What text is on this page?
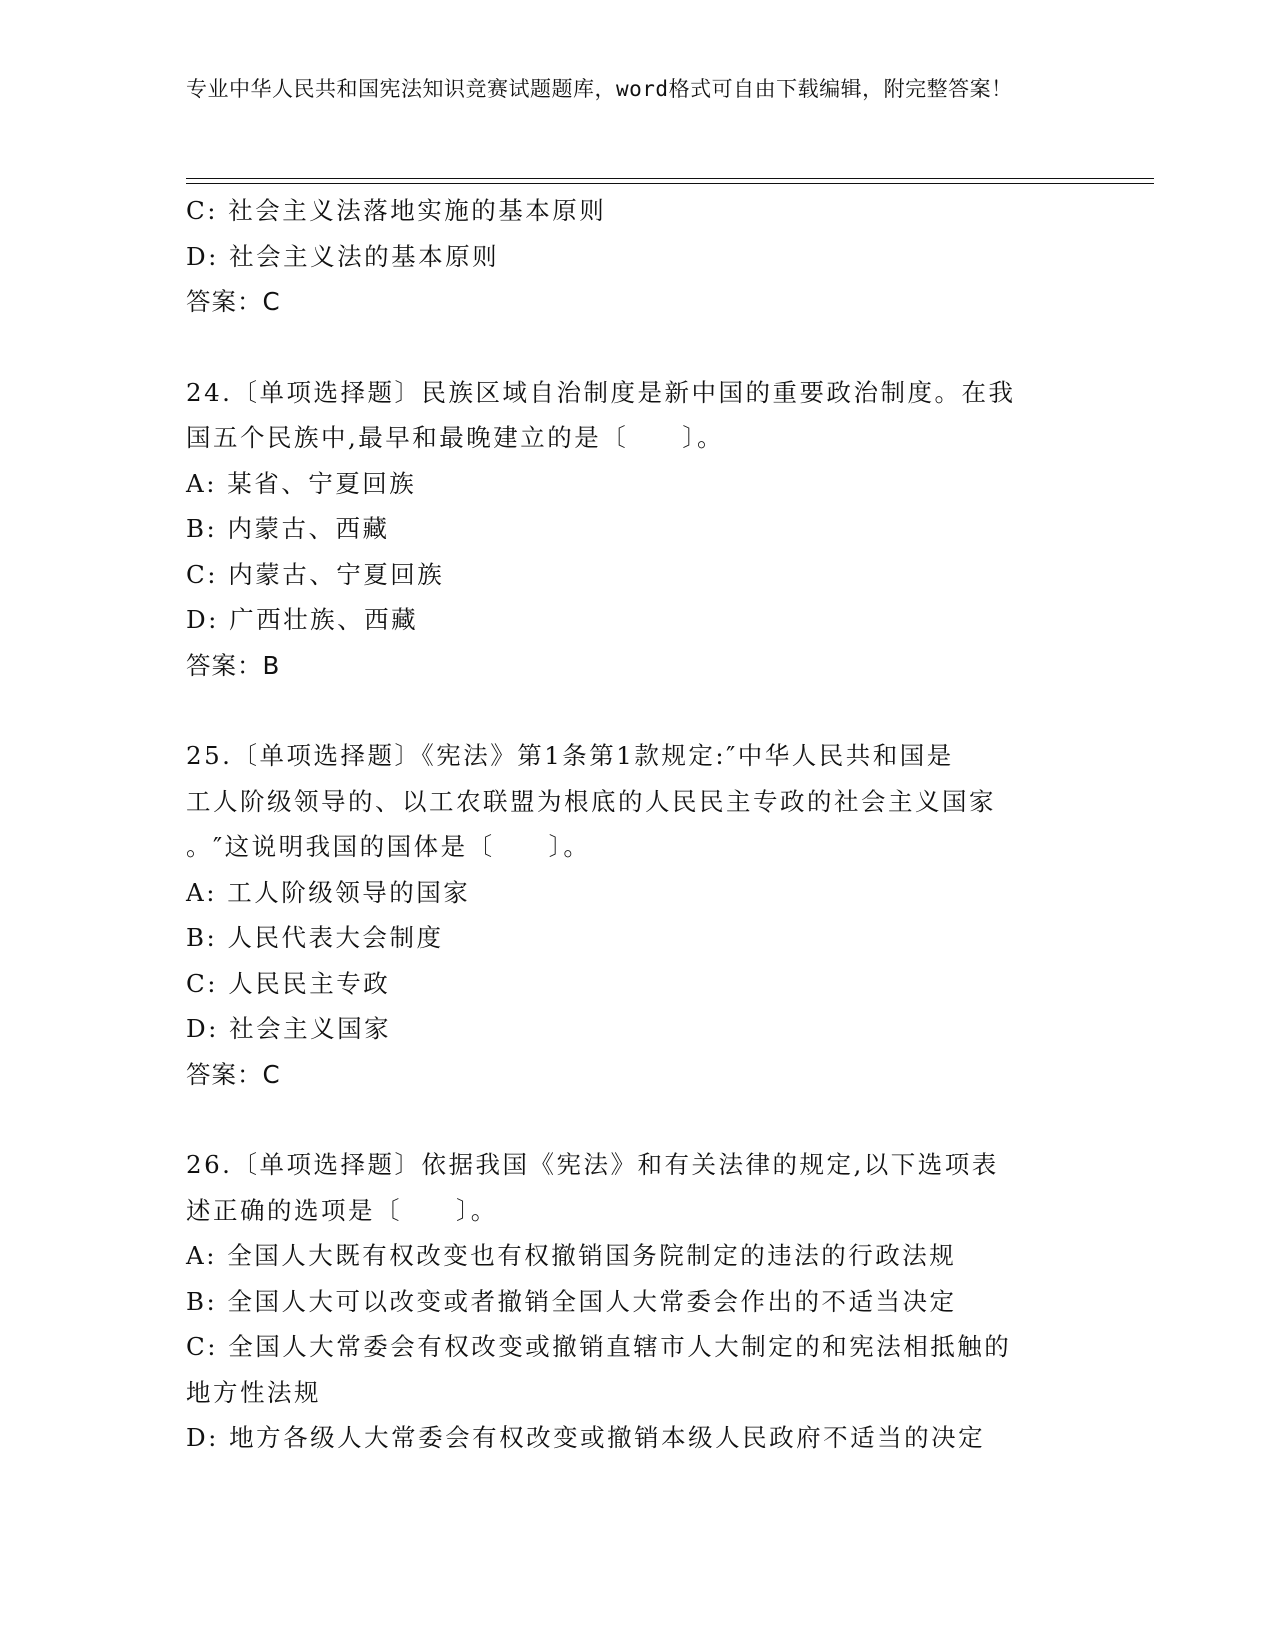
专业中华人民共和国宪法知识竞赛试题题库，word格式可自由下载编辑，附完整答案！
C: 社会主义法落地实施的基本原则
D: 社会主义法的基本原则
答案：C
24.〔单项选择题〕民族区域自治制度是新中国的重要政治制度。在我
国五个民族中,最早和最晚建立的是〔　　〕。
A: 某省、宁夏回族
B: 内蒙古、西藏
C: 内蒙古、宁夏回族
D: 广西壮族、西藏
答案：B
25.〔单项选择题〕《宪法》第1条第1款规定:″中华人民共和国是
工人阶级领导的、以工农联盟为根底的人民民主专政的社会主义国家
。″这说明我国的国体是〔　　〕。
A: 工人阶级领导的国家
B: 人民代表大会制度
C: 人民民主专政
D: 社会主义国家
答案：C
26.〔单项选择题〕依据我国《宪法》和有关法律的规定,以下选项表
述正确的选项是〔　　〕。
A: 全国人大既有权改变也有权撤销国务院制定的违法的行政法规
B: 全国人大可以改变或者撤销全国人大常委会作出的不适当决定
C: 全国人大常委会有权改变或撤销直辖市人大制定的和宪法相抵触的
地方性法规
D: 地方各级人大常委会有权改变或撤销本级人民政府不适当的决定
